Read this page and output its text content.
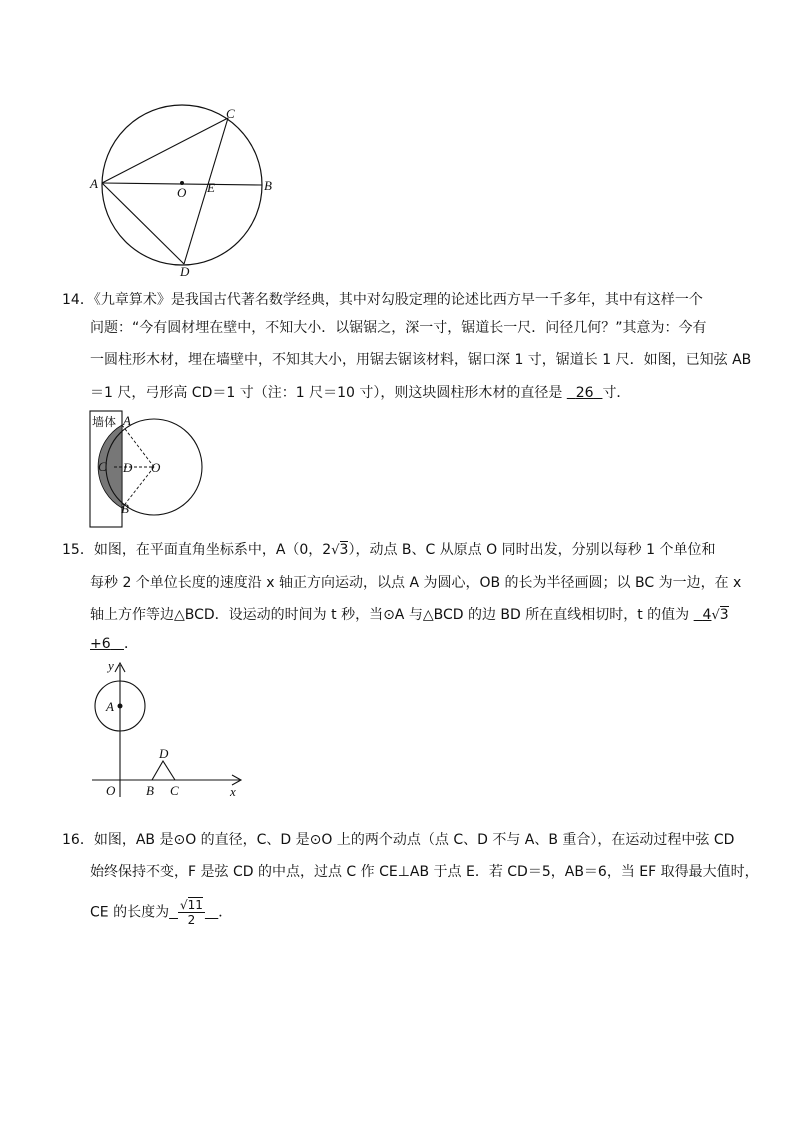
A	B
C
D
O E
14．《九章算术》是我国古代著名数学经典，其中对勾股定理的论述比西方早一千多年，其中有这样一个
问题：“今有圆材埋在壁中，不知大小．以锯锯之，深一寸，锯道长一尺．问径几何？”其意为：今有
一圆柱形木材，埋在墙壁中，不知其大小，用锯去锯该材料，锯口深 1 寸，锯道长 1 尺．如图，已知弦 AB
＝1 尺，弓形高 CD＝1 寸（注：1 尺＝10 寸），则这块圆柱形木材的直径是 26 寸．
墙体 A
B
C D O
15．如图，在平面直角坐标系中，A（0，2√3），动点 B、C 从原点 O 同时出发，分别以每秒 1 个单位和
每秒 2 个单位长度的速度沿 x 轴正方向运动，以点 A 为圆心，OB 的长为半径画圆；以 BC 为一边，在 x
轴上方作等边△BCD．设运动的时间为 t 秒，当⊙A 与△BCD 的边 BD 所在直线相切时，t 的值为 4√3
+6 ．
y
x
A
D
O B C
16．如图，AB 是⊙O 的直径，C、D 是⊙O 上的两个动点（点 C、D 不与 A、B 重合），在运动过程中弦 CD
始终保持不变，F 是弦 CD 的中点，过点 C 作 CE⊥AB 于点 E．若 CD＝5，AB＝6，当 EF 取得最大值时，
CE 的长度为 $\frac{√11}{2}$ ．
